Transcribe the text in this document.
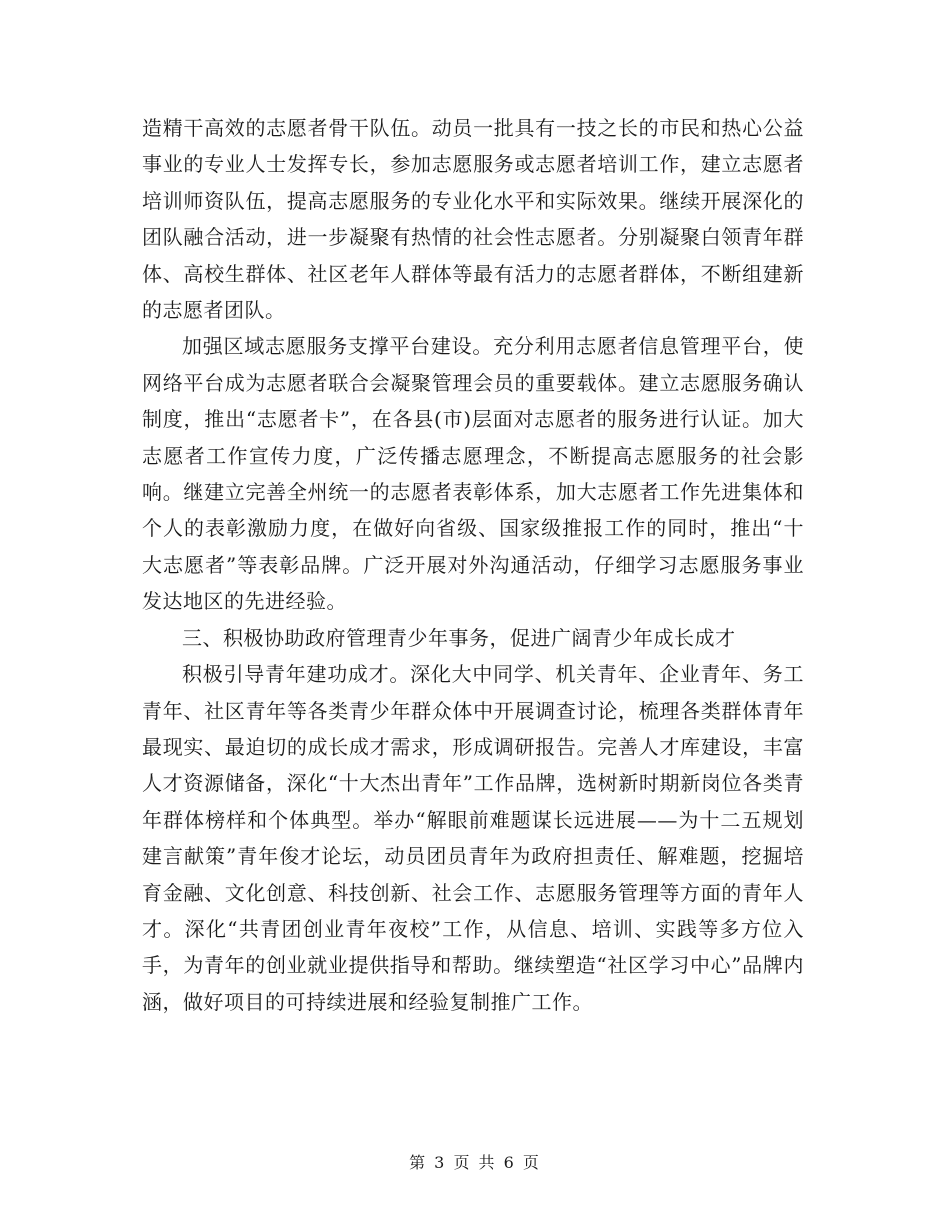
造精干高效的志愿者骨干队伍。动员一批具有一技之长的市民和热心公益事业的专业人士发挥专长，参加志愿服务或志愿者培训工作，建立志愿者培训师资队伍，提高志愿服务的专业化水平和实际效果。继续开展深化的团队融合活动，进一步凝聚有热情的社会性志愿者。分别凝聚白领青年群体、高校生群体、社区老年人群体等最有活力的志愿者群体，不断组建新的志愿者团队。

加强区域志愿服务支撑平台建设。充分利用志愿者信息管理平台，使网络平台成为志愿者联合会凝聚管理会员的重要载体。建立志愿服务确认制度，推出“志愿者卡”，在各县(市)层面对志愿者的服务进行认证。加大志愿者工作宣传力度，广泛传播志愿理念，不断提高志愿服务的社会影响。继建立完善全州统一的志愿者表彰体系，加大志愿者工作先进集体和个人的表彰激励力度，在做好向省级、国家级推报工作的同时，推出“十大志愿者”等表彰品牌。广泛开展对外沟通活动，仔细学习志愿服务事业发达地区的先进经验。

三、积极协助政府管理青少年事务，促进广阔青少年成长成才

积极引导青年建功成才。深化大中同学、机关青年、企业青年、务工青年、社区青年等各类青少年群众体中开展调查讨论，梳理各类群体青年最现实、最迫切的成长成才需求，形成调研报告。完善人才库建设，丰富人才资源储备，深化“十大杰出青年”工作品牌，选树新时期新岗位各类青年群体榜样和个体典型。举办“解眼前难题谋长远进展——为十二五规划建言献策”青年俊才论坛，动员团员青年为政府担责任、解难题，挖掘培育金融、文化创意、科技创新、社会工作、志愿服务管理等方面的青年人才。深化“共青团创业青年夜校”工作，从信息、培训、实践等多方位入手，为青年的创业就业提供指导和帮助。继续塑造“社区学习中心”品牌内涵，做好项目的可持续进展和经验复制推广工作。

第 3 页 共 6 页
